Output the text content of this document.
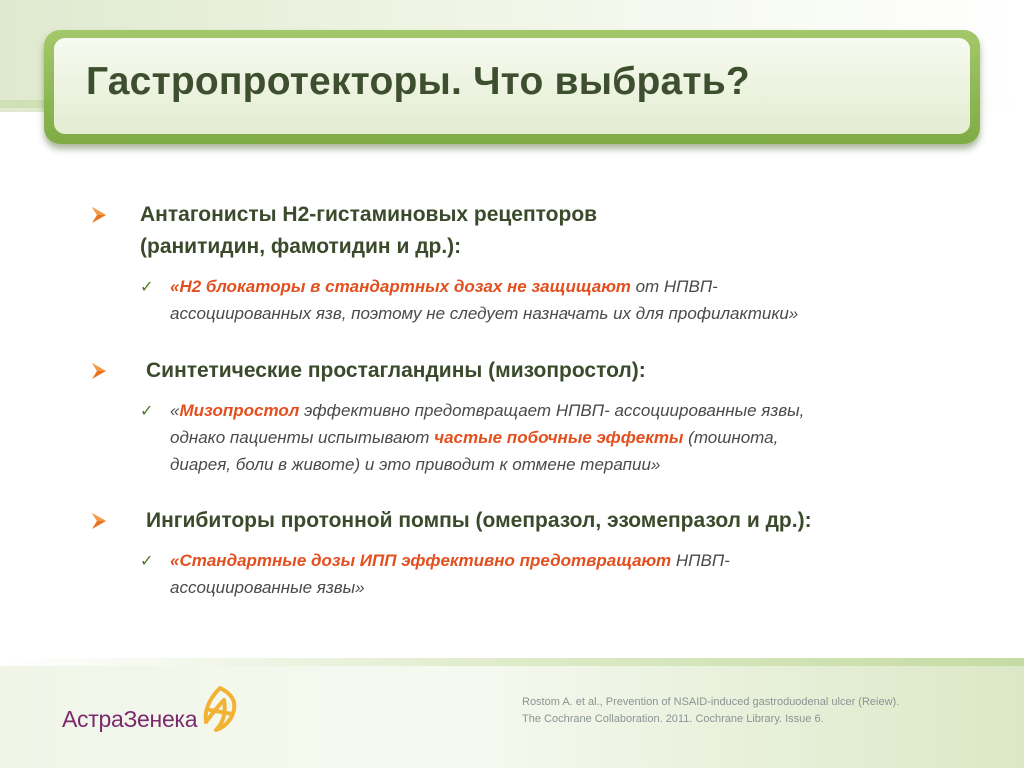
Гастропротекторы. Что выбрать?
Антагонисты Н2-гистаминовых рецепторов
(ранитидин, фамотидин и др.):
✓ «Н2 блокаторы в стандартных дозах не защищают от НПВП-
ассоциированных язв, поэтому не следует назначать их для профилактики»
Синтетические простагландины (мизопростол):
✓ «Мизопростол эффективно предотвращает НПВП- ассоциированные язвы,
однако пациенты испытывают частые побочные эффекты (тошнота,
диарея, боли в животе) и это приводит к отмене терапии»
Ингибиторы протонной помпы (омепразол, эзомепразол и др.):
✓ «Стандартные дозы ИПП эффективно предотвращают НПВП-
ассоциированные язвы»
АстраЗенека
Rostom A. et al., Prevention of NSAID-induced gastroduodenal ulcer (Reiew).
The Cochrane Collaboration. 2011. Cochrane Library. Issue 6.
